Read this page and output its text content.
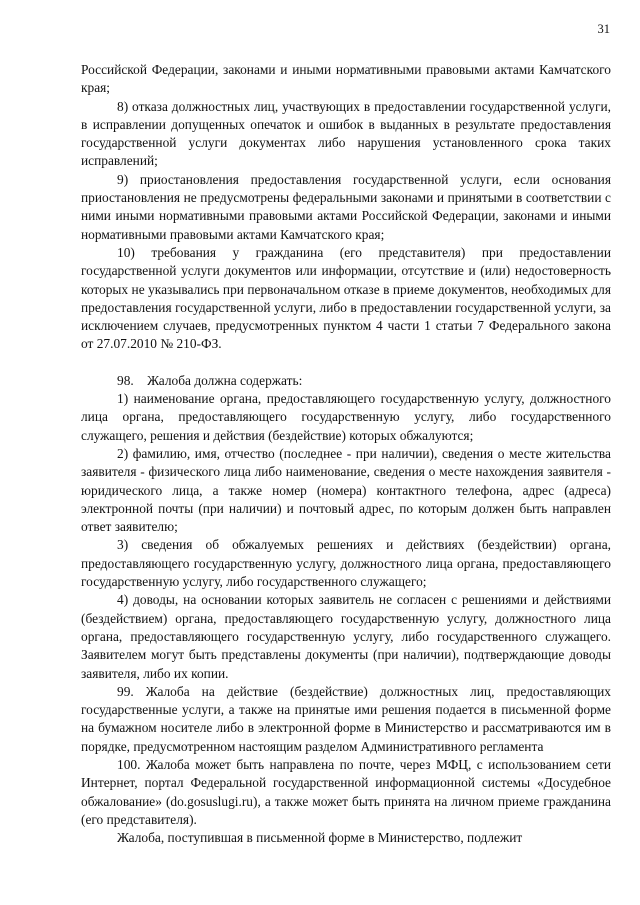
31

Российской Федерации, законами и иными нормативными правовыми актами Камчатского края;

8) отказа должностных лиц, участвующих в предоставлении государственной услуги, в исправлении допущенных опечаток и ошибок в выданных в результате предоставления государственной услуги документах либо нарушения установленного срока таких исправлений;

9) приостановления предоставления государственной услуги, если основания приостановления не предусмотрены федеральными законами и принятыми в соответствии с ними иными нормативными правовыми актами Российской Федерации, законами и иными нормативными правовыми актами Камчатского края;

10) требования у гражданина (его представителя) при предоставлении государственной услуги документов или информации, отсутствие и (или) недостоверность которых не указывались при первоначальном отказе в приеме документов, необходимых для предоставления государственной услуги, либо в предоставлении государственной услуги, за исключением случаев, предусмотренных пунктом 4 части 1 статьи 7 Федерального закона от 27.07.2010 № 210-ФЗ.

98.    Жалоба должна содержать:

1) наименование органа, предоставляющего государственную услугу, должностного лица органа, предоставляющего государственную услугу, либо государственного служащего, решения и действия (бездействие) которых обжалуются;

2) фамилию, имя, отчество (последнее - при наличии), сведения о месте жительства заявителя - физического лица либо наименование, сведения о месте нахождения заявителя - юридического лица, а также номер (номера) контактного телефона, адрес (адреса) электронной почты (при наличии) и почтовый адрес, по которым должен быть направлен ответ заявителю;

3) сведения об обжалуемых решениях и действиях (бездействии) органа, предоставляющего государственную услугу, должностного лица органа, предоставляющего государственную услугу, либо государственного служащего;

4) доводы, на основании которых заявитель не согласен с решениями и действиями (бездействием) органа, предоставляющего государственную услугу, должностного лица органа, предоставляющего государственную услугу, либо государственного служащего. Заявителем могут быть представлены документы (при наличии), подтверждающие доводы заявителя, либо их копии.

99. Жалоба на действие (бездействие) должностных лиц, предоставляющих государственные услуги, а также на принятые ими решения подается в письменной форме на бумажном носителе либо в электронной форме в Министерство и рассматриваются им в порядке, предусмотренном настоящим разделом Административного регламента

100. Жалоба может быть направлена по почте, через МФЦ, с использованием сети Интернет, портал Федеральной государственной информационной системы «Досудебное обжалование» (do.gosuslugi.ru), а также может быть принята на личном приеме гражданина (его представителя).

Жалоба, поступившая в письменной форме в Министерство, подлежит
